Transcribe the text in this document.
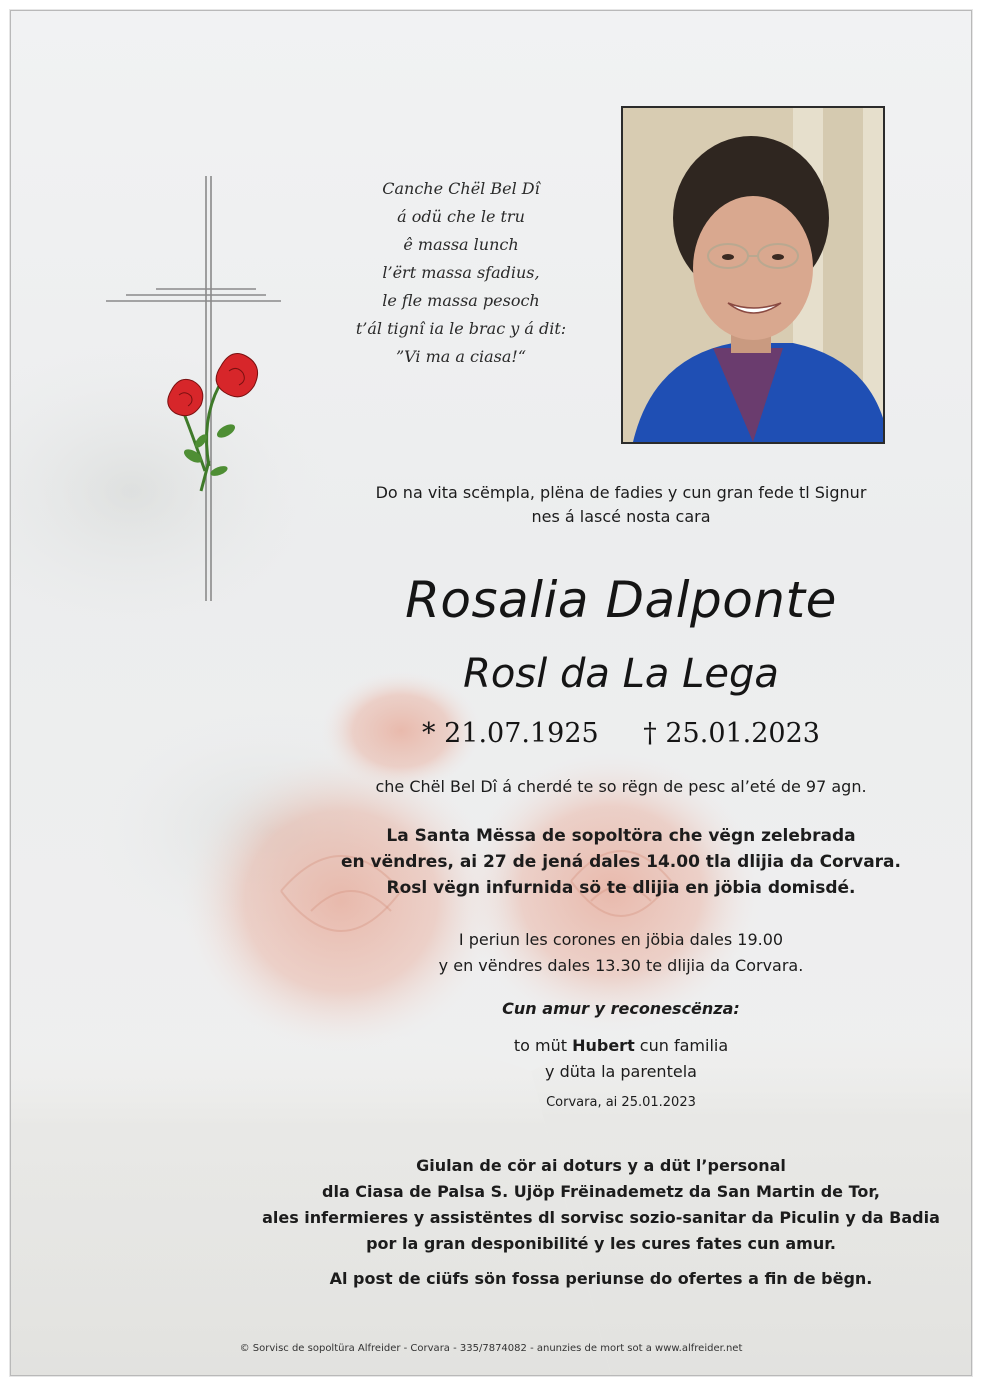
Canche Chël Bel Dî
á odü che le tru
ê massa lunch
l’ërt massa sfadius,
le fle massa pesoch
t’ál tignî ia le brac y á dit:
”Vi ma a ciasa!“
Do na vita scëmpla, plëna de fadies y cun gran fede tl Signur
nes á lascé nosta cara
Rosalia Dalponte
Rosl da La Lega
* 21.07.1925 † 25.01.2023
che Chël Bel Dî á cherdé te so rëgn de pesc al’eté de 97 agn.
La Santa Mëssa de sopoltöra che vëgn zelebrada
en vëndres, ai 27 de jená dales 14.00 tla dlijia da Corvara.
Rosl vëgn infurnida sö te dlijia en jöbia domisdé.
I periun les corones en jöbia dales 19.00
y en vëndres dales 13.30 te dlijia da Corvara.
Cun amur y reconescënza:
to müt Hubert cun familia
y düta la parentela
Corvara, ai 25.01.2023
Giulan de cör ai doturs y a düt l’personal
dla Ciasa de Palsa S. Ujöp Frëinademetz da San Martin de Tor,
ales infermieres y assistëntes dl sorvisc sozio-sanitar da Piculin y da Badia
por la gran desponibilité y les cures fates cun amur.
Al post de ciüfs sön fossa periunse do ofertes a fin de bëgn.
© Sorvisc de sopoltüra Alfreider - Corvara - 335/7874082 - anunzies de mort sot a www.alfreider.net
